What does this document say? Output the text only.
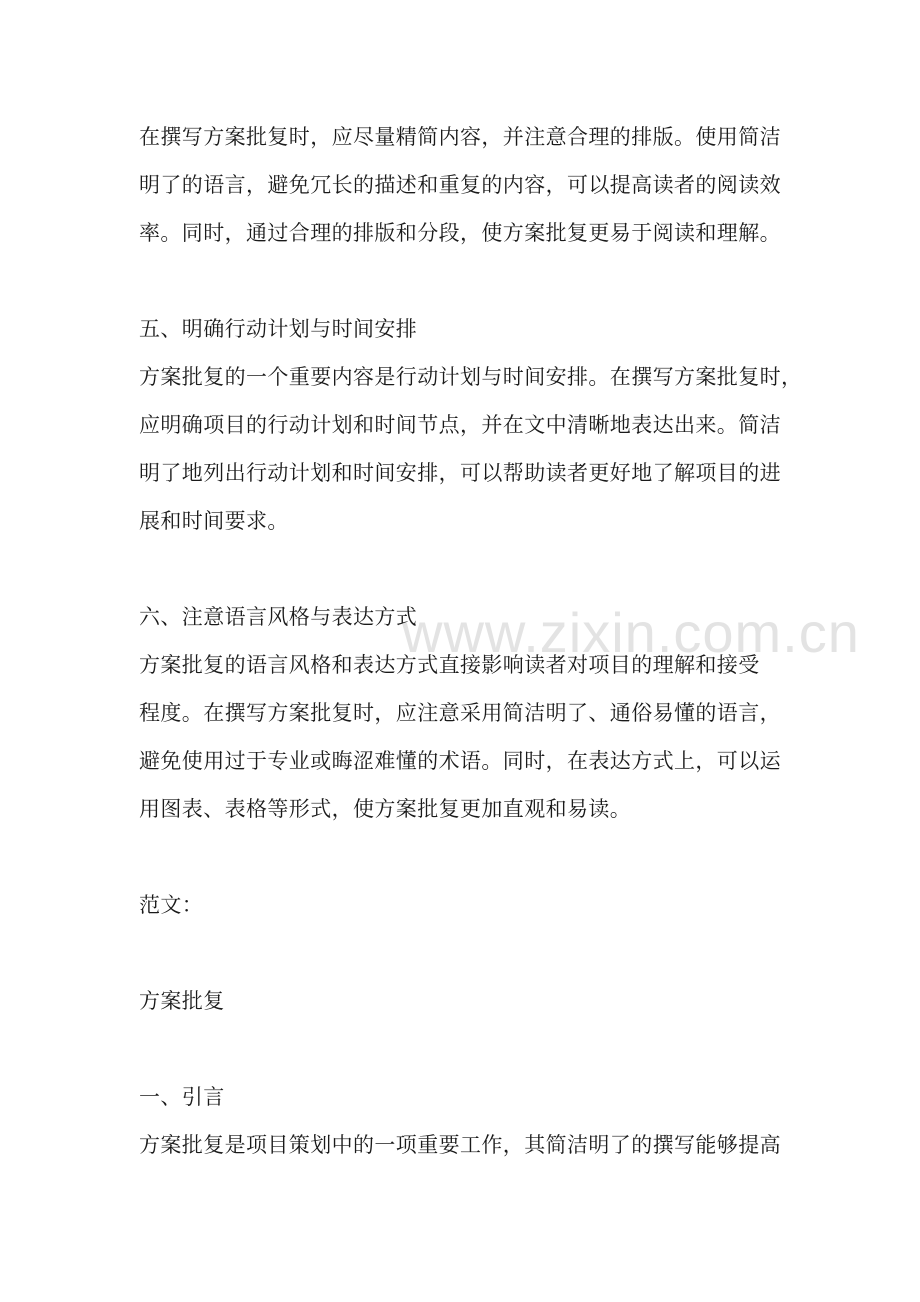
www.zixin.com.cn
在撰写方案批复时，应尽量精简内容，并注意合理的排版。使用简洁
明了的语言，避免冗长的描述和重复的内容，可以提高读者的阅读效
率。同时，通过合理的排版和分段，使方案批复更易于阅读和理解。
五、明确行动计划与时间安排
方案批复的一个重要内容是行动计划与时间安排。在撰写方案批复时，
应明确项目的行动计划和时间节点，并在文中清晰地表达出来。简洁
明了地列出行动计划和时间安排，可以帮助读者更好地了解项目的进
展和时间要求。
六、注意语言风格与表达方式
方案批复的语言风格和表达方式直接影响读者对项目的理解和接受
程度。在撰写方案批复时，应注意采用简洁明了、通俗易懂的语言，
避免使用过于专业或晦涩难懂的术语。同时，在表达方式上，可以运
用图表、表格等形式，使方案批复更加直观和易读。
范文：
方案批复
一、引言
方案批复是项目策划中的一项重要工作，其简洁明了的撰写能够提高
